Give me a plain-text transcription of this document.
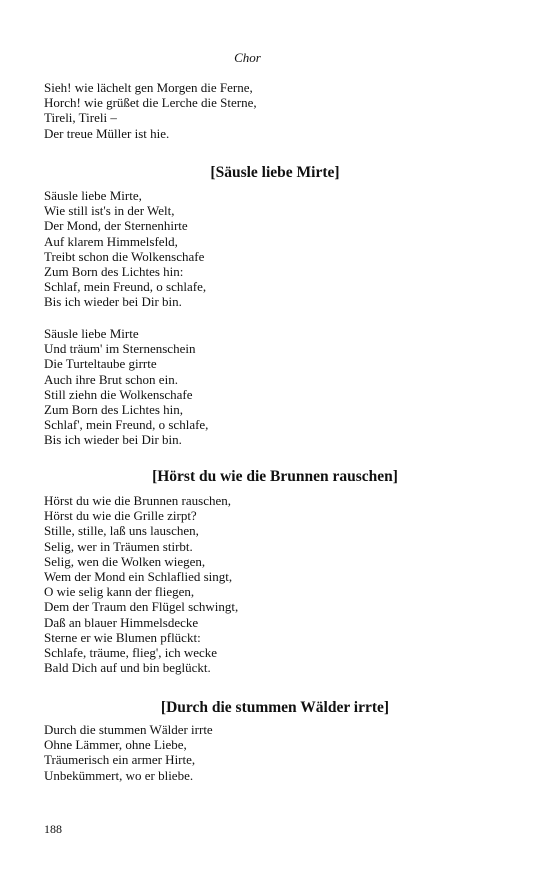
Chor
Sieh! wie lächelt gen Morgen die Ferne,
Horch! wie grüßet die Lerche die Sterne,
Tireli, Tireli –
Der treue Müller ist hie.
[Säusle liebe Mirte]
Säusle liebe Mirte,
Wie still ist's in der Welt,
Der Mond, der Sternenhirte
Auf klarem Himmelsfeld,
Treibt schon die Wolkenschafe
Zum Born des Lichtes hin:
Schlaf, mein Freund, o schlafe,
Bis ich wieder bei Dir bin.
Säusle liebe Mirte
Und träum' im Sternenschein
Die Turteltaube girrte
Auch ihre Brut schon ein.
Still ziehn die Wolkenschafe
Zum Born des Lichtes hin,
Schlaf', mein Freund, o schlafe,
Bis ich wieder bei Dir bin.
[Hörst du wie die Brunnen rauschen]
Hörst du wie die Brunnen rauschen,
Hörst du wie die Grille zirpt?
Stille, stille, laß uns lauschen,
Selig, wer in Träumen stirbt.
Selig, wen die Wolken wiegen,
Wem der Mond ein Schlaflied singt,
O wie selig kann der fliegen,
Dem der Traum den Flügel schwingt,
Daß an blauer Himmelsdecke
Sterne er wie Blumen pflückt:
Schlafe, träume, flieg', ich wecke
Bald Dich auf und bin beglückt.
[Durch die stummen Wälder irrte]
Durch die stummen Wälder irrte
Ohne Lämmer, ohne Liebe,
Träumerisch ein armer Hirte,
Unbekümmert, wo er bliebe.
188
